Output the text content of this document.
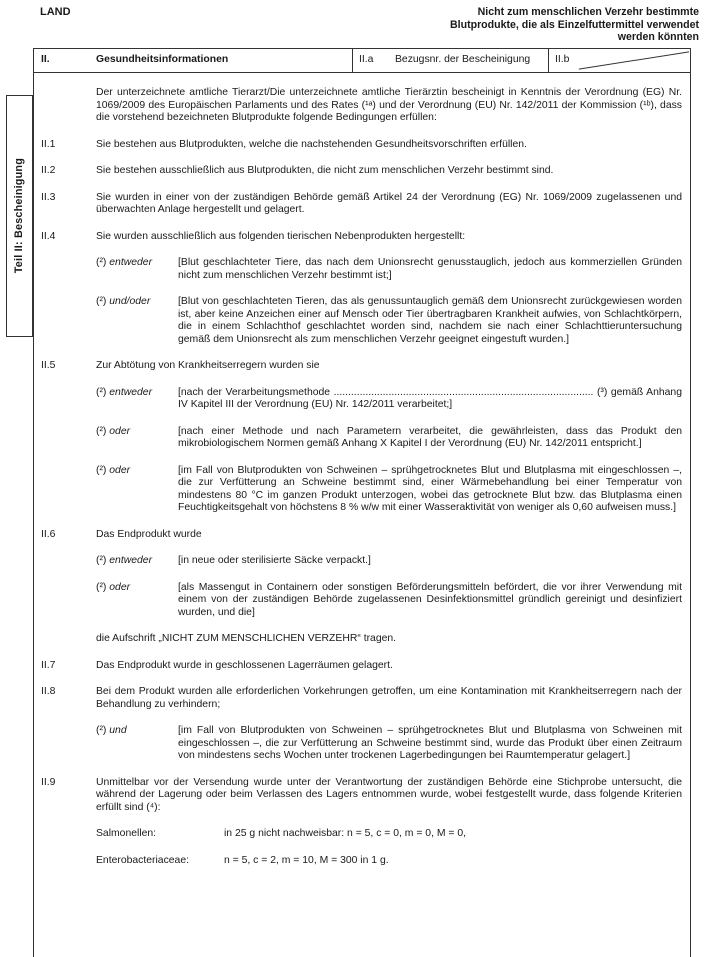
LAND	Nicht zum menschlichen Verzehr bestimmte
Blutprodukte, die als Einzelfuttermittel verwendet
werden könnten
Teil II: Bescheinigung
II.	Gesundheitsinformationen	II.a	Bezugsnr. der Bescheinigung	II.b
Der unterzeichnete amtliche Tierarzt/Die unterzeichnete amtliche Tierärztin bescheinigt in Kenntnis der Verordnung (EG) Nr. 1069/2009 des Europäischen Parlaments und des Rates (¹ᵃ) und der Verordnung (EU) Nr. 142/2011 der Kommission (¹ᵇ), dass die vorstehend bezeichneten Blutprodukte folgende Bedingungen erfüllen:
II.1	Sie bestehen aus Blutprodukten, welche die nachstehenden Gesundheitsvorschriften erfüllen.
II.2	Sie bestehen ausschließlich aus Blutprodukten, die nicht zum menschlichen Verzehr bestimmt sind.
II.3	Sie wurden in einer von der zuständigen Behörde gemäß Artikel 24 der Verordnung (EG) Nr. 1069/2009 zugelassenen und überwachten Anlage hergestellt und gelagert.
II.4	Sie wurden ausschließlich aus folgenden tierischen Nebenprodukten hergestellt:
(²) entweder	[Blut geschlachteter Tiere, das nach dem Unionsrecht genusstauglich, jedoch aus kommerziellen Gründen nicht zum menschlichen Verzehr bestimmt ist;]
(²) und/oder	[Blut von geschlachteten Tieren, das als genussuntauglich gemäß dem Unionsrecht zurückgewiesen worden ist, aber keine Anzeichen einer auf Mensch oder Tier übertragbaren Krankheit aufwies, von Schlachtkörpern, die in einem Schlachthof geschlachtet worden sind, nachdem sie nach einer Schlachttieruntersuchung gemäß dem Unionsrecht als zum menschlichen Verzehr geeignet eingestuft wurden.]
II.5	Zur Abtötung von Krankheitserregern wurden sie
(²) entweder	[nach der Verarbeitungsmethode .......................................................................................... (³) gemäß Anhang IV Kapitel III der Verordnung (EU) Nr. 142/2011 verarbeitet;]
(²) oder	[nach einer Methode und nach Parametern verarbeitet, die gewährleisten, dass das Produkt den mikrobiologischem Normen gemäß Anhang X Kapitel I der Verordnung (EU) Nr. 142/2011 entspricht.]
(²) oder	[im Fall von Blutprodukten von Schweinen – sprühgetrocknetes Blut und Blutplasma mit eingeschlossen –, die zur Verfütterung an Schweine bestimmt sind, einer Wärmebehandlung bei einer Temperatur von mindestens 80 °C im ganzen Produkt unterzogen, wobei das getrocknete Blut bzw. das Blutplasma einen Feuchtigkeitsgehalt von höchstens 8 % w/w mit einer Wasseraktivität von weniger als 0,60 aufweisen muss.]
II.6	Das Endprodukt wurde
(²) entweder	[in neue oder sterilisierte Säcke verpackt.]
(²) oder	[als Massengut in Containern oder sonstigen Beförderungsmitteln befördert, die vor ihrer Verwendung mit einem von der zuständigen Behörde zugelassenen Desinfektionsmittel gründlich gereinigt und desinfiziert wurden, und die]
die Aufschrift „NICHT ZUM MENSCHLICHEN VERZEHR“ tragen.
II.7	Das Endprodukt wurde in geschlossenen Lagerräumen gelagert.
II.8	Bei dem Produkt wurden alle erforderlichen Vorkehrungen getroffen, um eine Kontamination mit Krankheitserregern nach der Behandlung zu verhindern;
(²) und	[im Fall von Blutprodukten von Schweinen – sprühgetrocknetes Blut und Blutplasma von Schweinen mit eingeschlossen –, die zur Verfütterung an Schweine bestimmt sind, wurde das Produkt über einen Zeitraum von mindestens sechs Wochen unter trockenen Lagerbedingungen bei Raumtemperatur gelagert.]
II.9	Unmittelbar vor der Versendung wurde unter der Verantwortung der zuständigen Behörde eine Stichprobe untersucht, die während der Lagerung oder beim Verlassen des Lagers entnommen wurde, wobei festgestellt wurde, dass folgende Kriterien erfüllt sind (⁴):
Salmonellen:	in 25 g nicht nachweisbar: n = 5, c = 0, m = 0, M = 0,
Enterobacteriaceae:	n = 5, c = 2, m = 10, M = 300 in 1 g.
